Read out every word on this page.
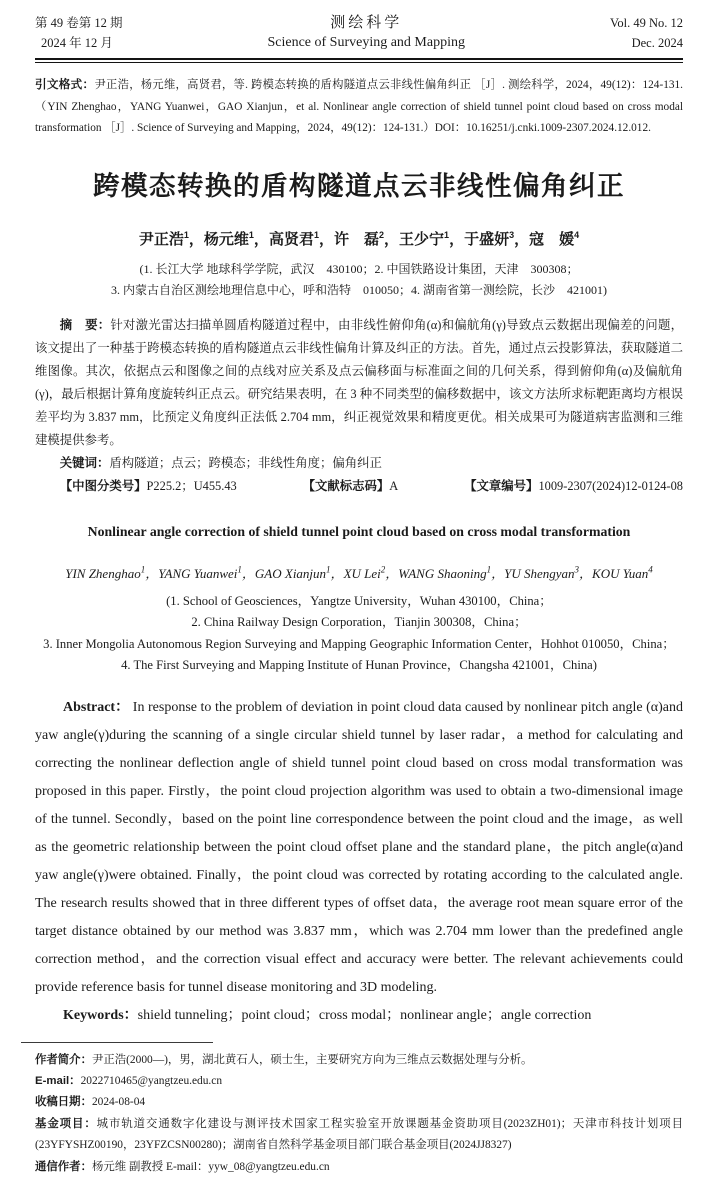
第 49 卷第 12 期
2024 年 12 月
测绘科学
Science of Surveying and Mapping
Vol. 49 No. 12
Dec. 2024

引文格式：尹正浩，杨元维，高贤君，等. 跨模态转换的盾构隧道点云非线性偏角纠正 ［J］. 测绘科学，2024，49(12)：124-131.（YIN Zhenghao，YANG Yuanwei，GAO Xianjun，et al. Nonlinear angle correction of shield tunnel point cloud based on cross modal transformation ［J］. Science of Surveying and Mapping，2024，49(12)：124-131.）DOI：10.16251/j.cnki.1009-2307.2024.12.012.

跨模态转换的盾构隧道点云非线性偏角纠正
尹正浩$^1$，杨元维$^1$，高贤君$^1$，许　磊$^2$，王少宁$^1$，于盛妍$^3$，寇　媛$^4$
(1. 长江大学 地球科学学院，武汉　430100；2. 中国铁路设计集团，天津　300308；
3. 内蒙古自治区测绘地理信息中心，呼和浩特　010050；4. 湖南省第一测绘院，长沙　421001)

摘　要：针对激光雷达扫描单圆盾构隧道过程中，由非线性俯仰角(α)和偏航角(γ)导致点云数据出现偏差的问题，该文提出了一种基于跨模态转换的盾构隧道点云非线性偏角计算及纠正的方法。首先，通过点云投影算法，获取隧道二维图像。其次，依据点云和图像之间的点线对应关系及点云偏移面与标准面之间的几何关系，得到俯仰角(α)及偏航角(γ)，最后根据计算角度旋转纠正点云。研究结果表明，在 3 种不同类型的偏移数据中，该文方法所求标靶距离均方根误差平均为 3.837 mm，比预定义角度纠正法低 2.704 mm，纠正视觉效果和精度更优。相关成果可为隧道病害监测和三维建模提供参考。

关键词：盾构隧道；点云；跨模态；非线性角度；偏角纠正

【中图分类号】P225.2；U455.43	【文献标志码】A	【文章编号】1009-2307(2024)12-0124-08
Nonlinear angle correction of shield tunnel point cloud based on cross modal transformation
YIN Zhenghao$^1$，YANG Yuanwei$^1$，GAO Xianjun$^1$，XU Lei$^2$，WANG Shaoning$^1$，YU Shengyan$^3$，KOU Yuan$^4$
(1. School of Geosciences，Yangtze University，Wuhan 430100，China；
2. China Railway Design Corporation，Tianjin 300308，China；
3. Inner Mongolia Autonomous Region Surveying and Mapping Geographic Information Center，Hohhot 010050，China；
4. The First Surveying and Mapping Institute of Hunan Province，Changsha 421001，China)

Abstract： In response to the problem of deviation in point cloud data caused by nonlinear pitch angle (α)and yaw angle(γ)during the scanning of a single circular shield tunnel by laser radar，a method for calculating and correcting the nonlinear deflection angle of shield tunnel point cloud based on cross modal transformation was proposed in this paper. Firstly，the point cloud projection algorithm was used to obtain a two-dimensional image of the tunnel. Secondly，based on the point line correspondence between the point cloud and the image，as well as the geometric relationship between the point cloud offset plane and the standard plane，the pitch angle(α)and yaw angle(γ)were obtained. Finally，the point cloud was corrected by rotating according to the calculated angle. The research results showed that in three different types of offset data，the average root mean square error of the target distance obtained by our method was 3.837 mm，which was 2.704 mm lower than the predefined angle correction method，and the correction visual effect and accuracy were better. The relevant achievements could provide reference basis for tunnel disease monitoring and 3D modeling.

Keywords：shield tunneling；point cloud；cross modal；nonlinear angle；angle correction

作者简介：尹正浩(2000—)，男，湖北黄石人，硕士生，主要研究方向为三维点云数据处理与分析。
E-mail：2022710465@yangtzeu.edu.cn
收稿日期：2024-08-04
基金项目：城市轨道交通数字化建设与测评技术国家工程实验室开放课题基金资助项目(2023ZH01)；天津市科技计划项目(23YFYSHZ00190，23YFZCSN00280)；湖南省自然科学基金项目部门联合基金项目(2024JJ8327)
通信作者：杨元维 副教授 E-mail：yyw_08@yangtzeu.edu.cn
